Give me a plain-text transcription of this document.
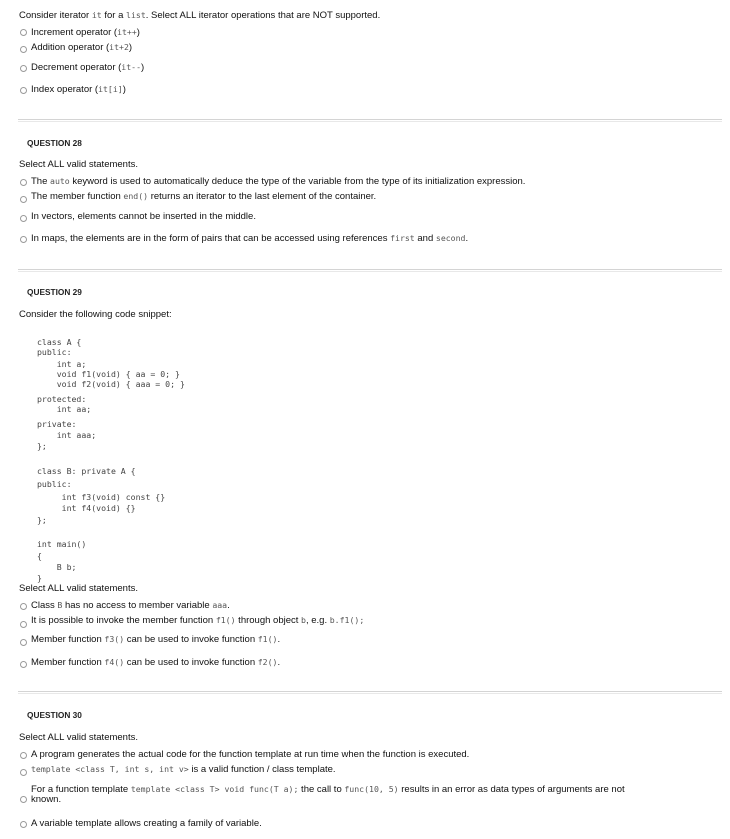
Consider iterator it for a list. Select ALL iterator operations that are NOT supported.
Increment operator (it++)
Addition operator (it+2)
Decrement operator (it--)
Index operator (it[i])
QUESTION 28
Select ALL valid statements.
The auto keyword is used to automatically deduce the type of the variable from the type of its initialization expression.
The member function end() returns an iterator to the last element of the container.
In vectors, elements cannot be inserted in the middle.
In maps, the elements are in the form of pairs that can be accessed using references first and second.
QUESTION 29
Consider the following code snippet:
class A {
public:
int a;
void f1(void) { aa = 0; }
void f2(void) { aaa = 0; }
protected:
int aa;
private:
int aaa;
};
class B: private A {
public:
int f3(void) const {}
int f4(void) {}
};
int main()
{
B b;
}
Select ALL valid statements.
Class B has no access to member variable aaa.
It is possible to invoke the member function f1() through object b, e.g. b.f1();
Member function f3() can be used to invoke function f1().
Member function f4() can be used to invoke function f2().
QUESTION 30
Select ALL valid statements.
A program generates the actual code for the function template at run time when the function is executed.
template <class T, int s, int v> is a valid function / class template.
For a function template template <class T> void func(T a); the call to func(10, 5) results in an error as data types of arguments are not
known.
A variable template allows creating a family of variable.
